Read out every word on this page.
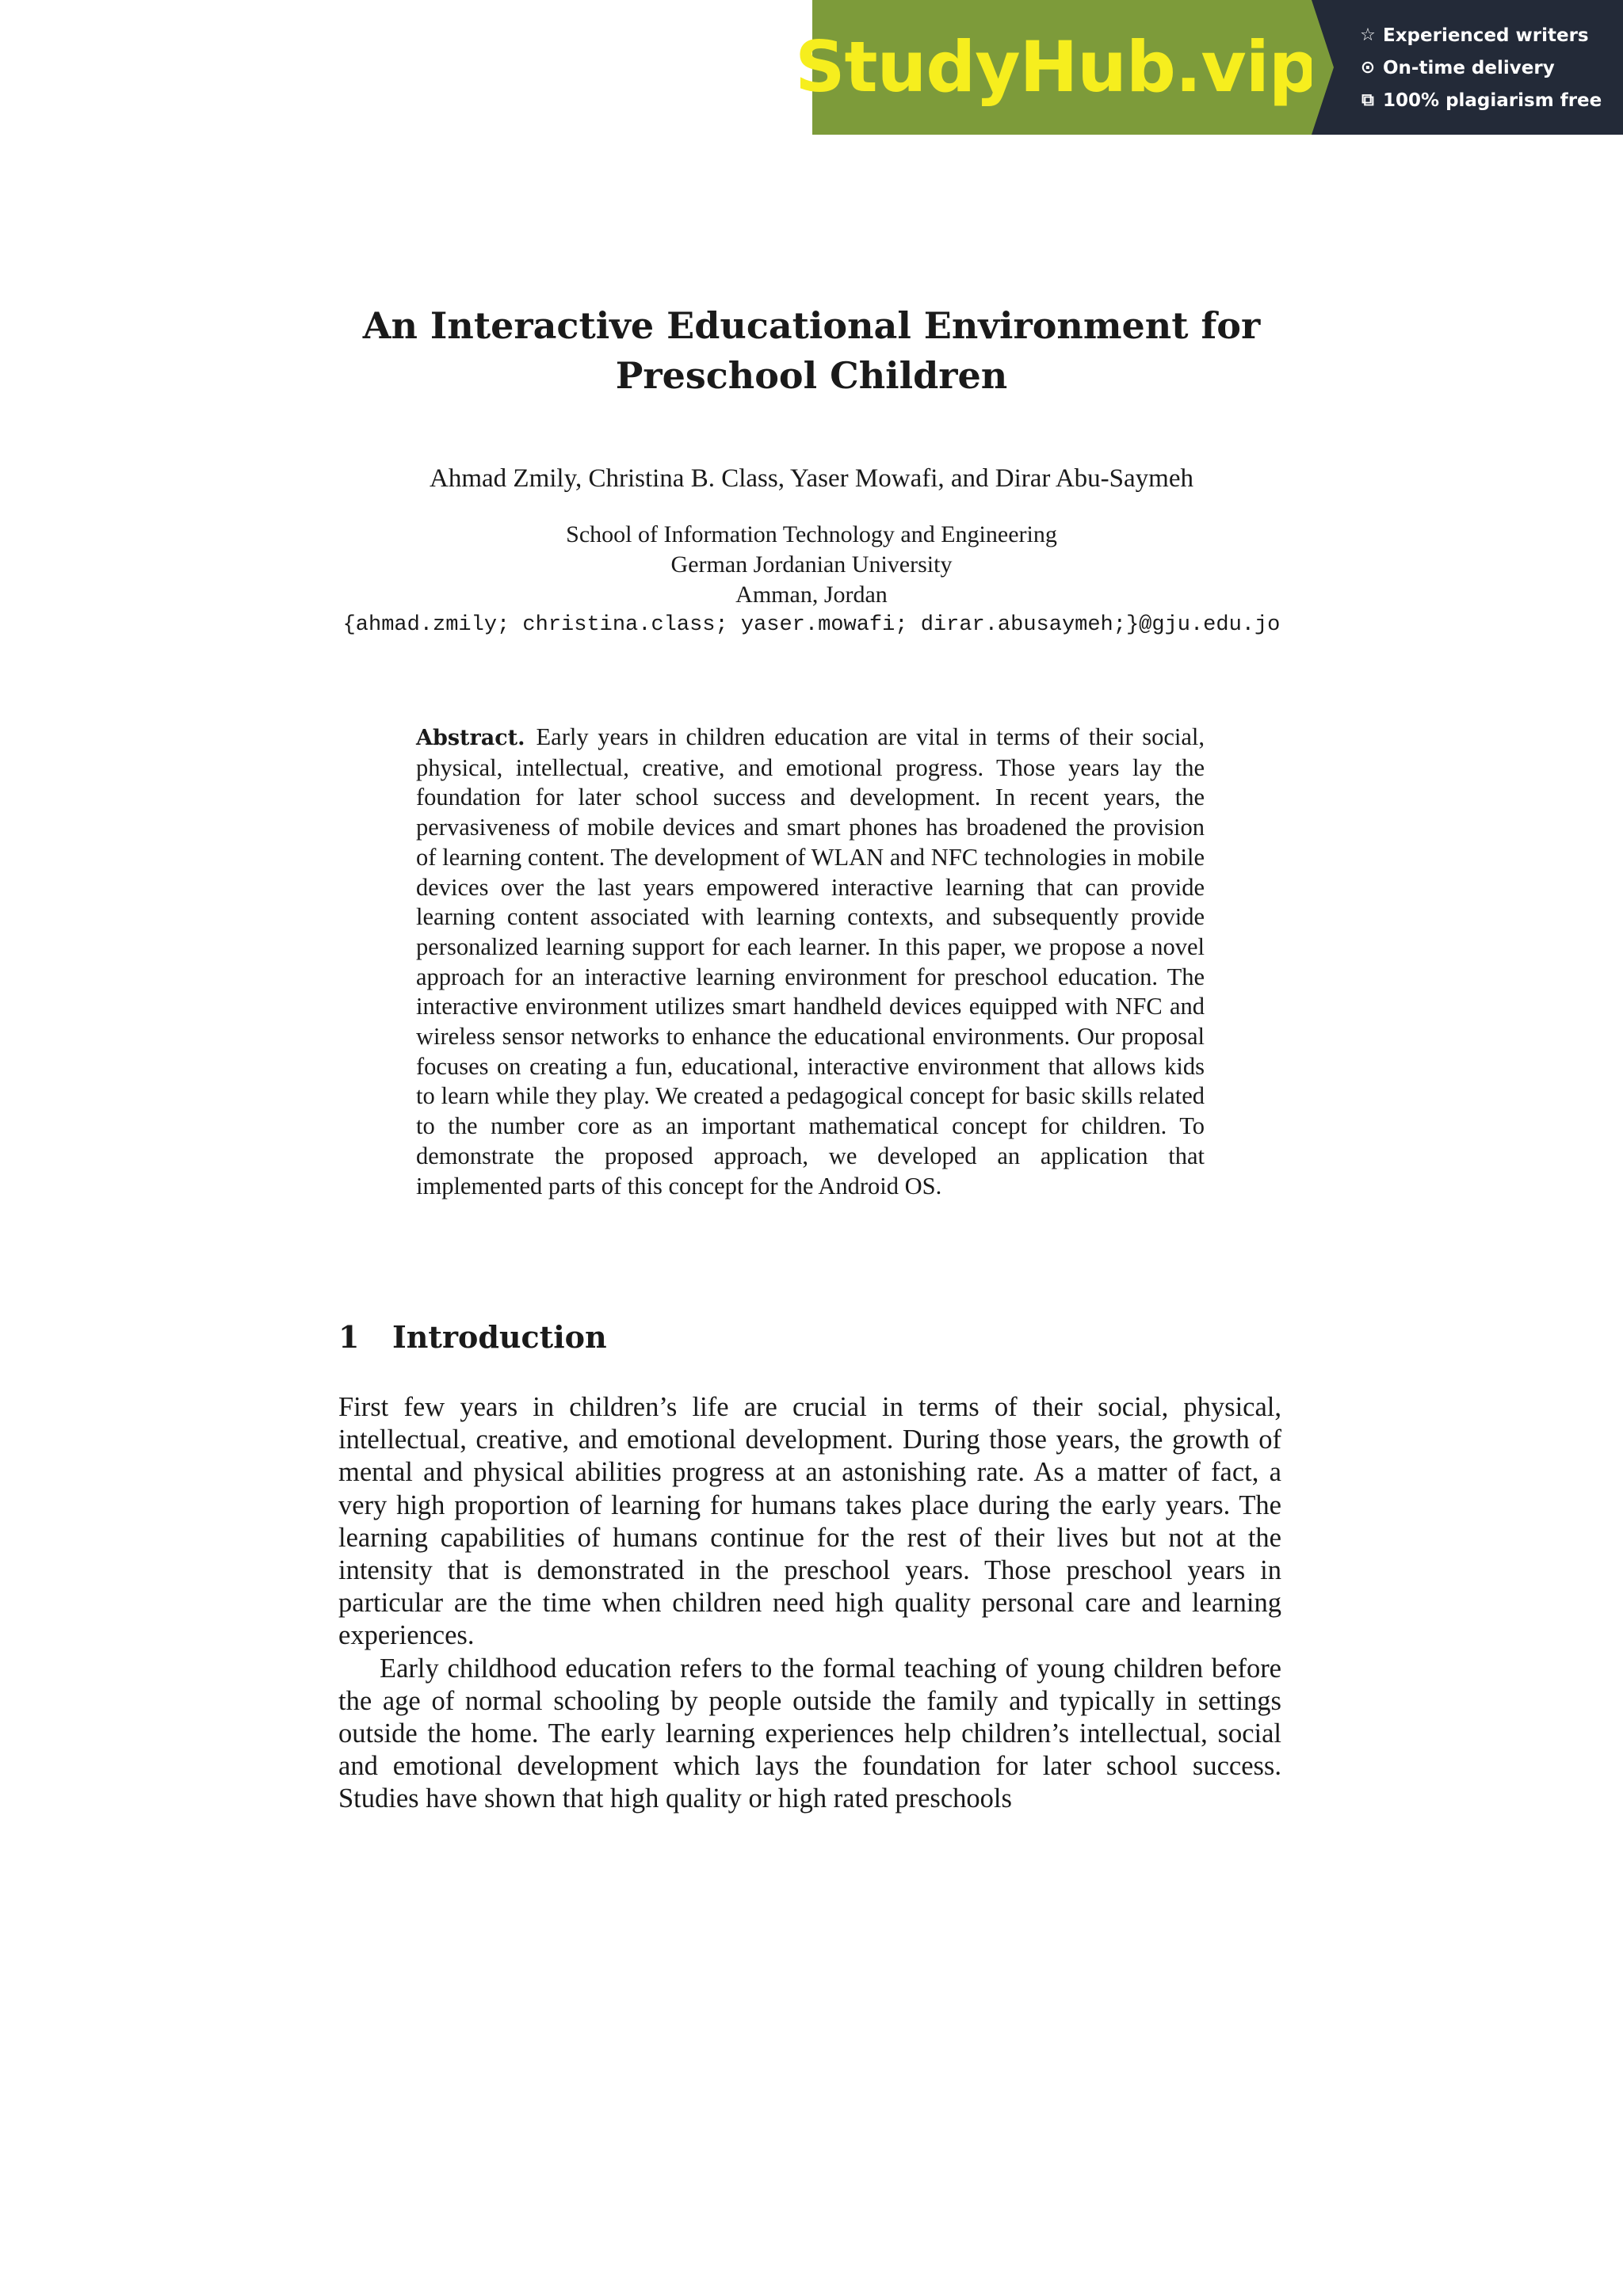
StudyHub.vip ☆ Experienced writers
⊙ On-time delivery
⧉ 100% plagiarism free
An Interactive Educational Environment for
Preschool Children
Ahmad Zmily, Christina B. Class, Yaser Mowafi, and Dirar Abu-Saymeh
School of Information Technology and Engineering
German Jordanian University
Amman, Jordan
{ahmad.zmily; christina.class; yaser.mowafi; dirar.abusaymeh;}@gju.edu.jo
Abstract. Early years in children education are vital in terms of their social, physical, intellectual, creative, and emotional progress. Those years lay the foundation for later school success and development. In recent years, the pervasiveness of mobile devices and smart phones has broadened the provision of learning content. The development of WLAN and NFC technologies in mobile devices over the last years empowered interactive learning that can provide learning content associated with learning contexts, and subsequently provide personalized learning support for each learner. In this paper, we propose a novel approach for an interactive learning environment for preschool education. The interactive environment utilizes smart handheld devices equipped with NFC and wireless sensor networks to enhance the educational environments. Our proposal focuses on creating a fun, educational, interactive environment that allows kids to learn while they play. We created a pedagogical concept for basic skills related to the number core as an important mathematical concept for children. To demonstrate the proposed approach, we developed an application that implemented parts of this concept for the Android OS.
1 Introduction

First few years in children’s life are crucial in terms of their social, physical, intellectual, creative, and emotional development. During those years, the growth of mental and physical abilities progress at an astonishing rate. As a matter of fact, a very high proportion of learning for humans takes place during the early years. The learning capabilities of humans continue for the rest of their lives but not at the intensity that is demonstrated in the preschool years. Those preschool years in particular are the time when children need high quality personal care and learning experiences.

Early childhood education refers to the formal teaching of young children before the age of normal schooling by people outside the family and typically in settings outside the home. The early learning experiences help children’s intellectual, social and emotional development which lays the foundation for later school success. Studies have shown that high quality or high rated preschools
